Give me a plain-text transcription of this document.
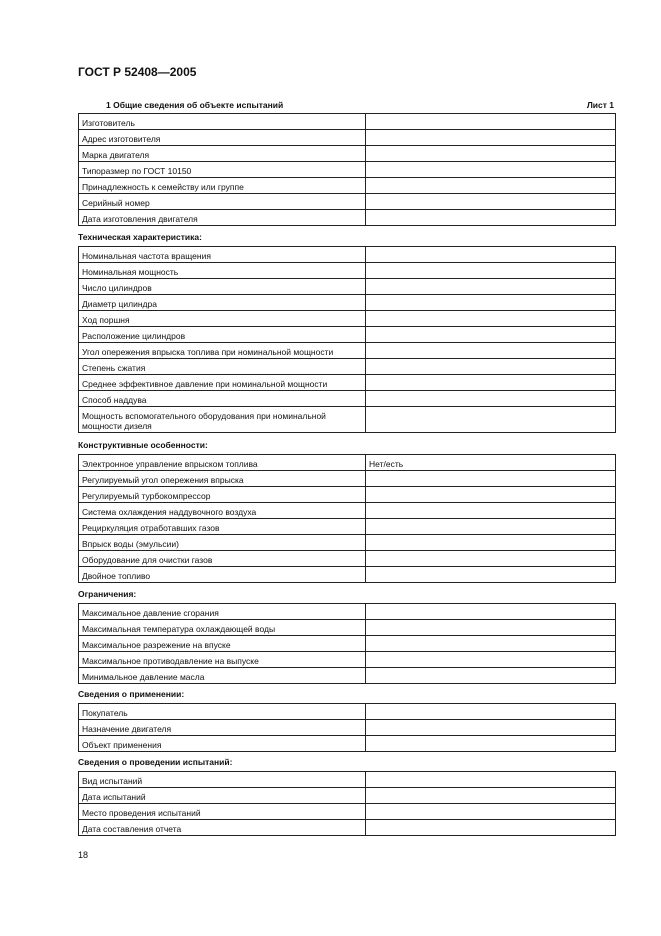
ГОСТ Р 52408—2005
1 Общие сведения об объекте испытаний	Лист 1
Изготовитель	
Адрес изготовителя	
Марка двигателя	
Типоразмер по ГОСТ 10150	
Принадлежность к семейству или группе	
Серийный номер	
Дата изготовления двигателя	
Техническая характеристика:
Номинальная частота вращения	
Номинальная мощность	
Число цилиндров	
Диаметр цилиндра	
Ход поршня	
Расположение цилиндров	
Угол опережения впрыска топлива при номинальной мощности	
Степень сжатия	
Среднее эффективное давление при номинальной мощности	
Способ наддува	
Мощность вспомогательного оборудования при номинальной мощности дизеля	
Конструктивные особенности:
Электронное управление впрыском топлива	Нет/есть
Регулируемый угол опережения впрыска	
Регулируемый турбокомпрессор	
Система охлаждения наддувочного воздуха	
Рециркуляция отработавших газов	
Впрыск воды (эмульсии)	
Оборудование для очистки газов	
Двойное топливо	
Ограничения:
Максимальное давление сгорания	
Максимальная температура охлаждающей воды	
Максимальное разрежение на впуске	
Максимальное противодавление на выпуске	
Минимальное давление масла	
Сведения о применении:
Покупатель	
Назначение двигателя	
Объект применения	
Сведения о проведении испытаний:
Вид испытаний	
Дата испытаний	
Место проведения испытаний	
Дата составления отчета	
18
